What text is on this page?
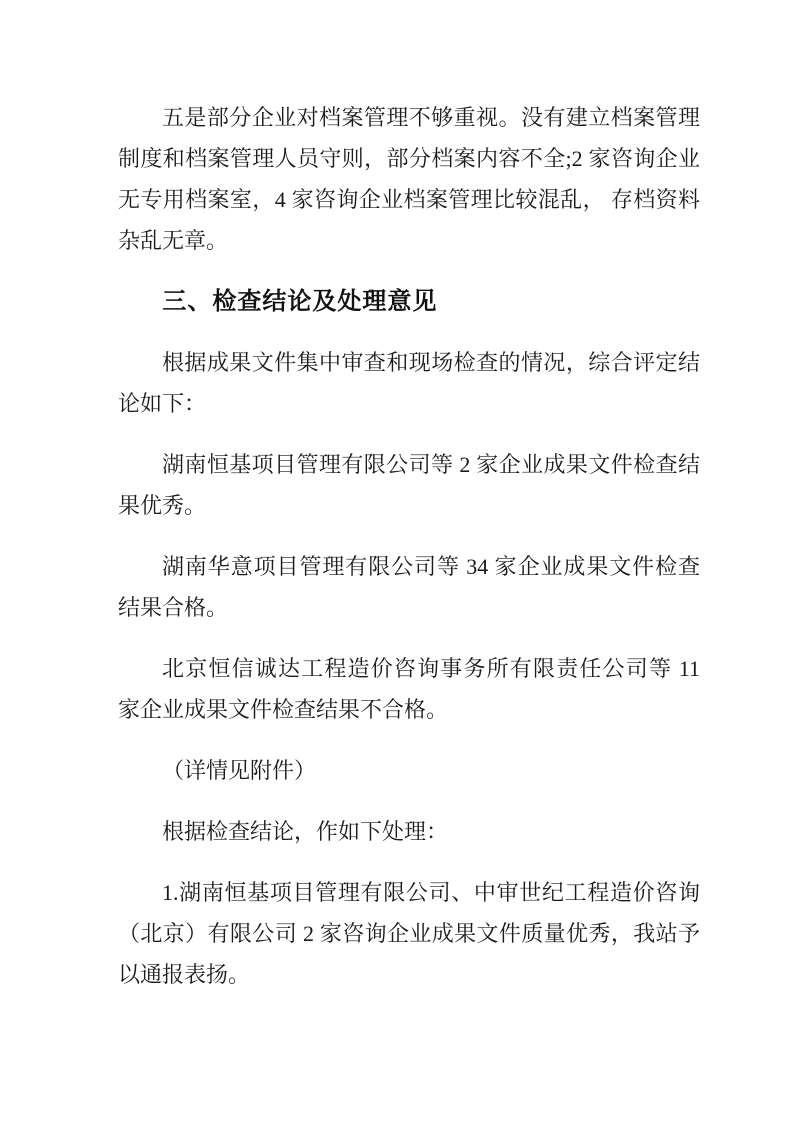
五是部分企业对档案管理不够重视。没有建立档案管理制度和档案管理人员守则，部分档案内容不全;2 家咨询企业无专用档案室，4 家咨询企业档案管理比较混乱， 存档资料杂乱无章。

三、检查结论及处理意见

根据成果文件集中审查和现场检查的情况，综合评定结论如下：

湖南恒基项目管理有限公司等 2 家企业成果文件检查结果优秀。

湖南华意项目管理有限公司等 34 家企业成果文件检查结果合格。

北京恒信诚达工程造价咨询事务所有限责任公司等 11 家企业成果文件检查结果不合格。

（详情见附件）

根据检查结论，作如下处理：

1.湖南恒基项目管理有限公司、中审世纪工程造价咨询（北京）有限公司 2 家咨询企业成果文件质量优秀，我站予以通报表扬。
